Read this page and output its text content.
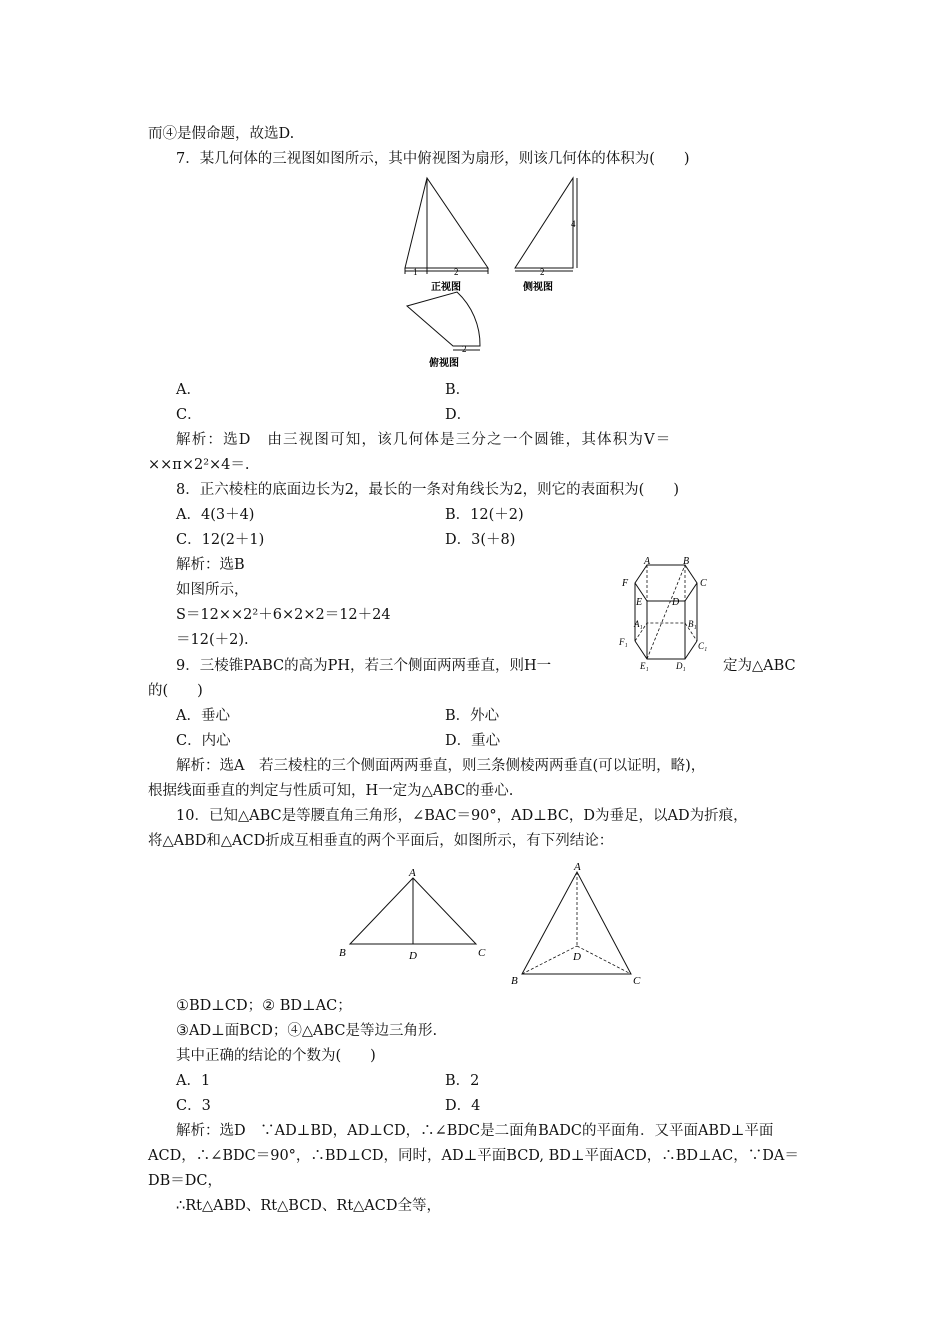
而④是假命题，故选D.
7．某几何体的三视图如图所示，其中俯视图为扇形，则该几何体的体积为(　　)
1	2	2
4
2
正视图	侧视图
俯视图
A．	B．
C．	D．
解析：选D　由三视图可知，该几何体是三分之一个圆锥，其体积为V＝
××π×2²×4＝.
8．正六棱柱的底面边长为2，最长的一条对角线长为2，则它的表面积为(　　)
A．4(3＋4)	B．12(＋2)
C．12(2＋1)	D．3(＋8)
解析：选B
如图所示，
S＝12××2²＋6×2×2＝12＋24
＝12(＋2).
A	B
C
D
E
F
A₁	B₁
C₁
D₁
E₁
F₁
9．三棱锥PABC的高为PH，若三个侧面两两垂直，则H一	定为△ABC
的(　　)
A．垂心	B．外心
C．内心	D．重心
解析：选A　若三棱柱的三个侧面两两垂直，则三条侧棱两两垂直(可以证明，略)，
根据线面垂直的判定与性质可知，H一定为△ABC的垂心.
10．已知△ABC是等腰直角三角形，∠BAC＝90°，AD⊥BC，D为垂足，以AD为折痕，
将△ABD和△ACD折成互相垂直的两个平面后，如图所示，有下列结论：
A
B	C
D
A
B	C
D
①BD⊥CD；② BD⊥AC；
③AD⊥面BCD；④△ABC是等边三角形.
其中正确的结论的个数为(　　)
A．1	B．2
C．3	D．4
解析：选D　∵AD⊥BD，AD⊥CD，∴∠BDC是二面角BADC的平面角．又平面ABD⊥平面
ACD，∴∠BDC＝90°，∴BD⊥CD，同时，AD⊥平面BCD, BD⊥平面ACD，∴BD⊥AC，∵DA＝
DB＝DC，
∴Rt△ABD、Rt△BCD、Rt△ACD全等，
